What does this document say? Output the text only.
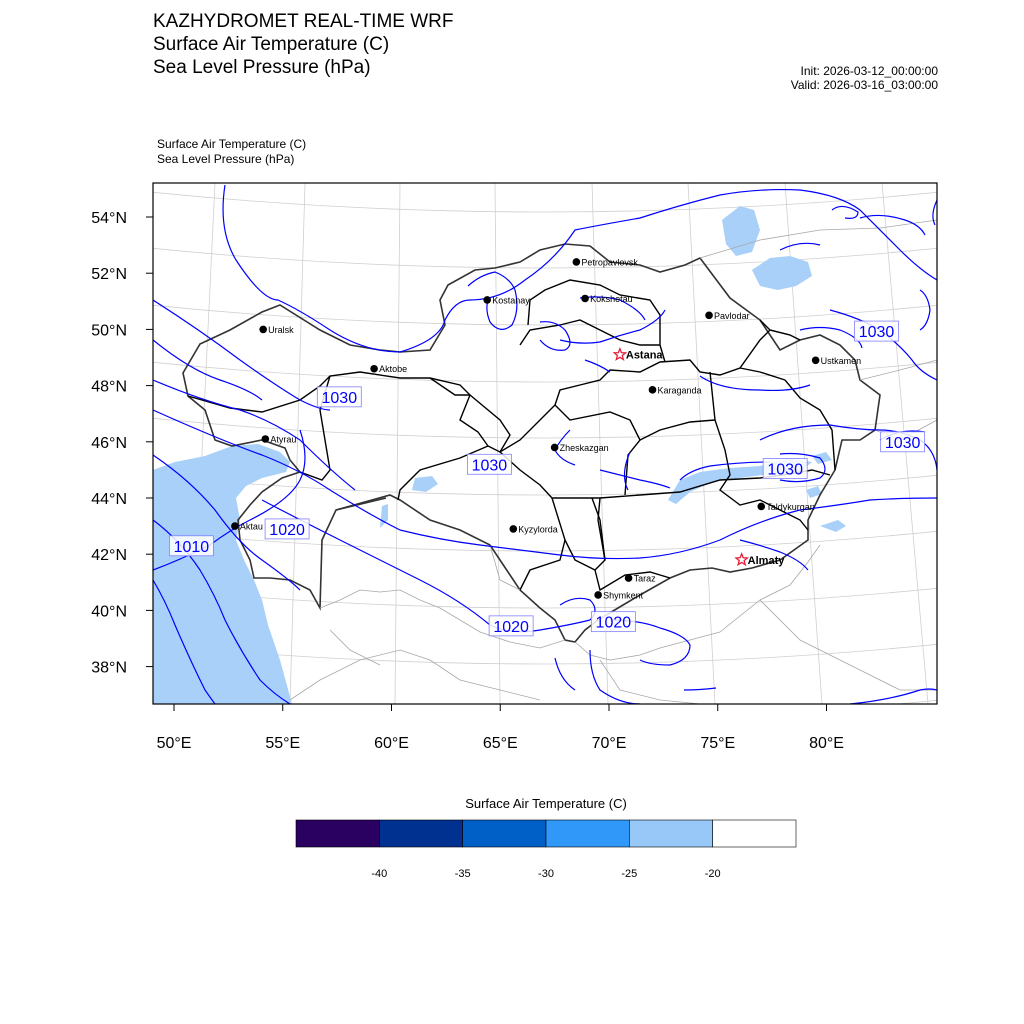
KAZHYDROMET REAL-TIME WRF
Surface Air Temperature (C)
Sea Level Pressure (hPa)	Init: 2026-03-12_00:00:00
Valid: 2026-03-16_03:00:00
Surface Air Temperature (C)
Sea Level Pressure (hPa)
1030
1030
1030
1030	1030
1020
1010
1020	1020
Petropavlovsk
Kostanay	Kokshetau
Pavlodar
Uralsk
Astana	Ustkamen
Aktobe
Karaganda
Atyrau
Zheskazgan
Taldykurgan
Aktau	Kyzylorda
Almaty
Taraz
Shymkent
54°N
52°N
50°N
48°N
46°N
44°N
42°N
40°N
38°N
50°E	55°E	60°E	65°E	70°E	75°E	80°E
-40	-35	-30	-25	-20
Surface Air Temperature (C)
